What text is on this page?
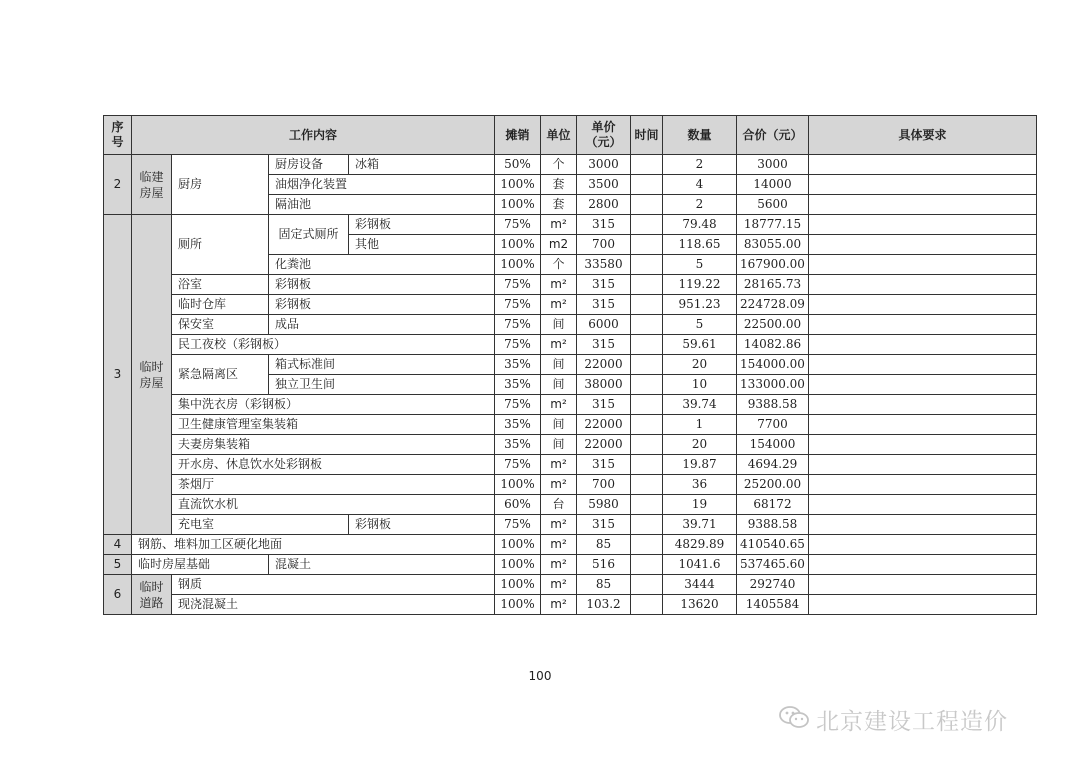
序号	工作内容				摊销	单位	单价（元）	时间	数量	合价（元）	具体要求
2	临建房屋	厨房	厨房设备	冰箱	50%	个	3000		2	3000	
			油烟净化装置		100%	套	3500		4	14000	
			隔油池		100%	套	2800		2	5600	
3	临时房屋	厕所	固定式厕所	彩钢板	75%	m²	315		79.48	18777.15	
				其他	100%	m2	700		118.65	83055.00	
			化粪池		100%	个	33580		5	167900.00	
		浴室	彩钢板		75%	m²	315		119.22	28165.73	
		临时仓库	彩钢板		75%	m²	315		951.23	224728.09	
		保安室	成品		75%	间	6000		5	22500.00	
		民工夜校（彩钢板）			75%	m²	315		59.61	14082.86	
		紧急隔离区	箱式标准间		35%	间	22000		20	154000.00	
			独立卫生间		35%	间	38000		10	133000.00	
		集中洗衣房（彩钢板）			75%	m²	315		39.74	9388.58	
		卫生健康管理室集装箱			35%	间	22000		1	7700	
		夫妻房集装箱			35%	间	22000		20	154000	
		开水房、休息饮水处彩钢板			75%	m²	315		19.87	4694.29	
		茶烟厅			100%	m²	700		36	25200.00	
		直流饮水机			60%	台	5980		19	68172	
		充电室		彩钢板	75%	m²	315		39.71	9388.58	
4	钢筋、堆料加工区硬化地面				100%	m²	85		4829.89	410540.65	
5	临时房屋基础		混凝土		100%	m²	516		1041.6	537465.60	
6	临时道路	钢质			100%	m²	85		3444	292740	
		现浇混凝土			100%	m²	103.2		13620	1405584	
100
北京建设工程造价
